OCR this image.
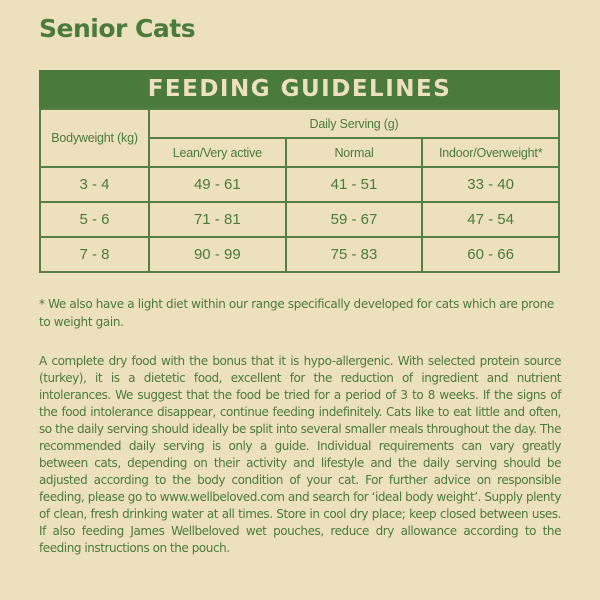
Senior Cats
FEEDING GUIDELINES
Bodyweight (kg)	Daily Serving (g)		
	Lean/Very active	Normal	Indoor/Overweight*
3 - 4	49 - 61	41 - 51	33 - 40
5 - 6	71 - 81	59 - 67	47 - 54
7 - 8	90 - 99	75 - 83	60 - 66

* We also have a light diet within our range specifically developed for cats which are prone to weight gain.

A complete dry food with the bonus that it is hypo-allergenic. With selected protein source (turkey), it is a dietetic food, excellent for the reduction of ingredient and nutrient intolerances. We suggest that the food be tried for a period of 3 to 8 weeks. If the signs of the food intolerance disappear, continue feeding indefinitely. Cats like to eat little and often, so the daily serving should ideally be split into several smaller meals throughout the day. The recommended daily serving is only a guide. Individual requirements can vary greatly between cats, depending on their activity and lifestyle and the daily serving should be adjusted according to the body condition of your cat. For further advice on responsible feeding, please go to www.wellbeloved.com and search for ‘ideal body weight’. Supply plenty of clean, fresh drinking water at all times. Store in cool dry place; keep closed between uses. If also feeding James Wellbeloved wet pouches, reduce dry allowance according to the feeding instructions on the pouch.
